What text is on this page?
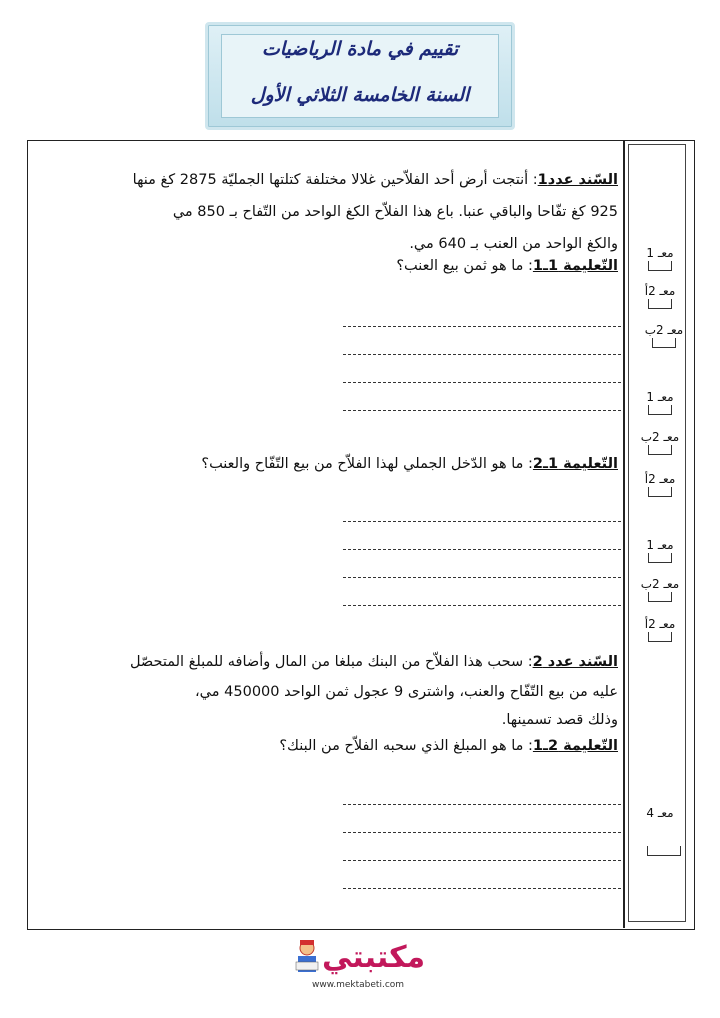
تقييم في مادة الرياضيات
السنة الخامسة الثلاثي الأول
السّند عدد1: أنتجت أرض أحد الفلاّحين غلالا مختلفة كتلتها الجمليّة 2875 كغ منها
925 كغ تفّاحا والباقي عنبا. باع هذا الفلاّح الكغ الواحد من التّفاح بـ 850 مي
والكغ الواحد من العنب بـ 640 مي.
التّعليمة 1ـ1: ما هو ثمن بيع العنب؟
التّعليمة 1ـ2: ما هو الدّخل الجملي لهذا الفلاّح من بيع التّفّاح والعنب؟
السّند عدد 2: سحب هذا الفلاّح من البنك مبلغا من المال وأضافه للمبلغ المتحصّل
عليه من بيع التّفّاح والعنب، واشترى 9 عجول ثمن الواحد 450000 مي،
وذلك قصد تسمينها.
التّعليمة 2ـ1: ما هو المبلغ الذي سحبه الفلاّح من البنك؟
معـ 1
معـ 2أ
معـ 2ب
معـ 1
معـ 2ب
معـ 2أ
معـ 1
معـ 2ب
معـ 2أ
معـ 4
مكتبتي
www.mektabeti.com
